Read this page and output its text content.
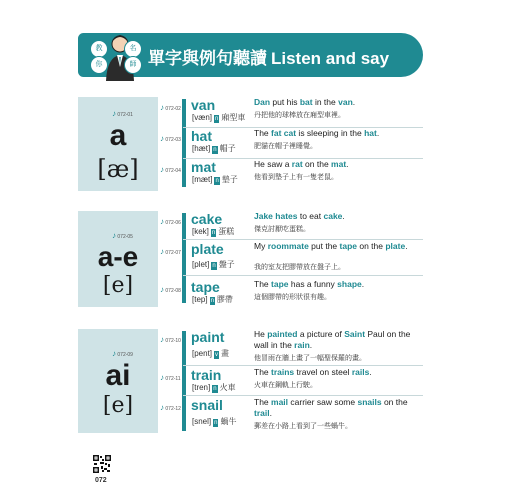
教
你
名
師 單字與例句聽讀 Listen and say
♪ 072-01
a
[æ]
♪ 072-02 van
[væn] n 廂型車
Dan put his bat in the van.
丹把他的球棒放在廂型車裡。
♪ 072-03 hat
[hæt] n 帽子
The fat cat is sleeping in the hat.
肥貓在帽子裡睡覺。
♪ 072-04 mat
[mæt] n 墊子
He saw a rat on the mat.
他看到墊子上有一隻老鼠。
♪ 072-05
a-e
[e]
♪ 072-06 cake
[kek] n 蛋糕
Jake hates to eat cake.
傑克討厭吃蛋糕。
♪ 072-07 plate
[plet] n 盤子
My roommate put the tape on the plate.
我的室友把膠帶放在盤子上。
♪ 072-08 tape
[tep] n 膠帶
The tape has a funny shape.
這個膠帶的形狀很有趣。
♪ 072-09
ai
[e]
♪ 072-10 paint
[pent] v 畫
He painted a picture of Saint Paul on the wall in the rain.
他冒雨在牆上畫了一幅聖保羅的畫。
♪ 072-11 train
[tren] n 火車
The trains travel on steel rails.
火車在鋼軌上行駛。
♪ 072-12 snail
[snel] n 蝸牛
The mail carrier saw some snails on the trail.
郵差在小路上看到了一些蝸牛。
072
